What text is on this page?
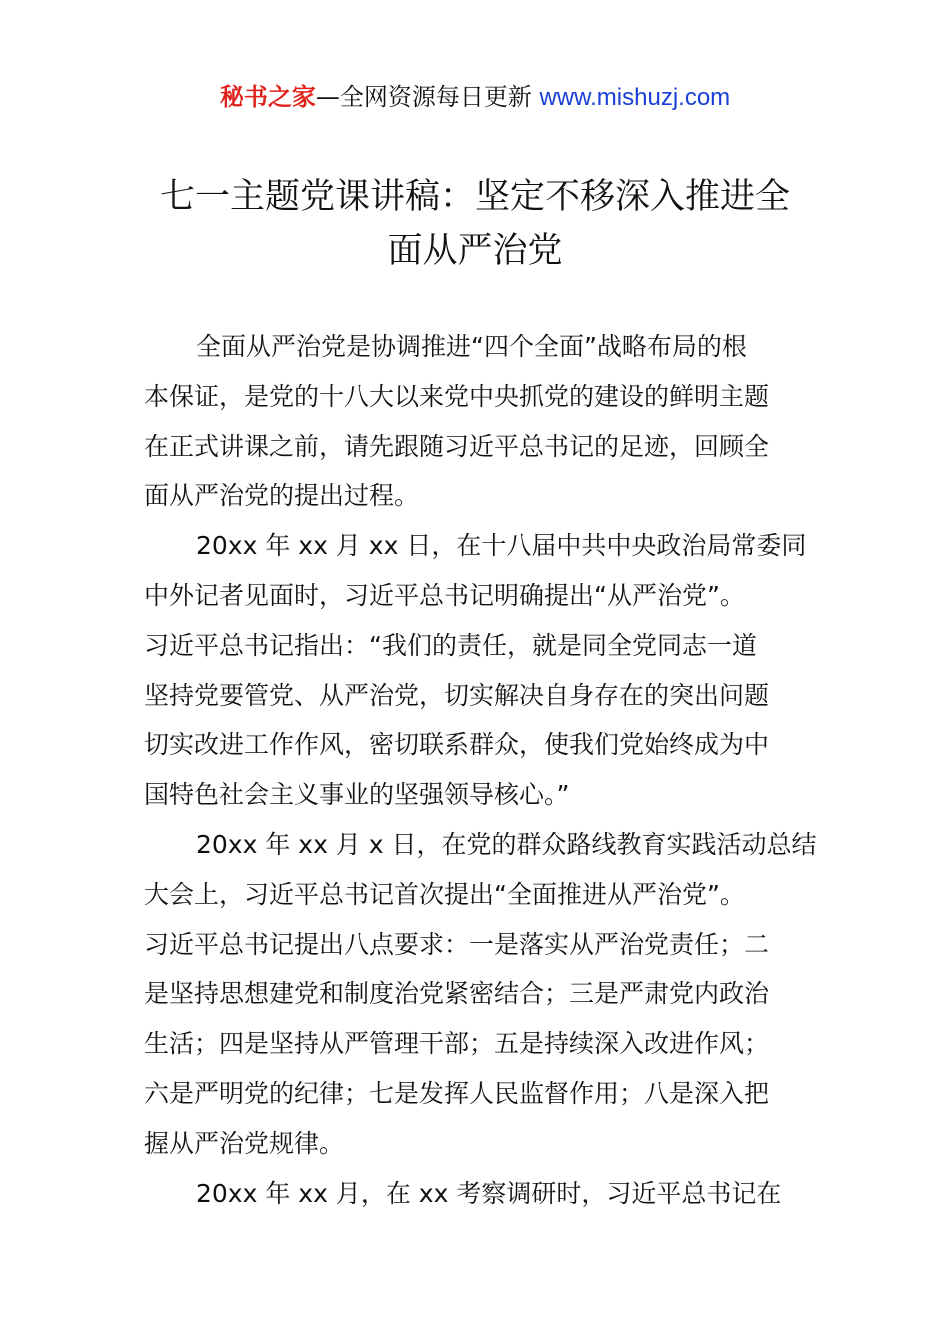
秘书之家—全网资源每日更新 www.mishuzj.com
七一主题党课讲稿：坚定不移深入推进全
面从严治党
全面从严治党是协调推进“四个全面”战略布局的根
本保证，是党的十八大以来党中央抓党的建设的鲜明主题
在正式讲课之前，请先跟随习近平总书记的足迹，回顾全
面从严治党的提出过程。
20xx 年 xx 月 xx 日，在十八届中共中央政治局常委同
中外记者见面时，习近平总书记明确提出“从严治党”。
习近平总书记指出：“我们的责任，就是同全党同志一道
坚持党要管党、从严治党，切实解决自身存在的突出问题
切实改进工作作风，密切联系群众，使我们党始终成为中
国特色社会主义事业的坚强领导核心。”
20xx 年 xx 月 x 日，在党的群众路线教育实践活动总结
大会上，习近平总书记首次提出“全面推进从严治党”。
习近平总书记提出八点要求：一是落实从严治党责任；二
是坚持思想建党和制度治党紧密结合；三是严肃党内政治
生活；四是坚持从严管理干部；五是持续深入改进作风；
六是严明党的纪律；七是发挥人民监督作用；八是深入把
握从严治党规律。
20xx 年 xx 月，在 xx 考察调研时，习近平总书记在
